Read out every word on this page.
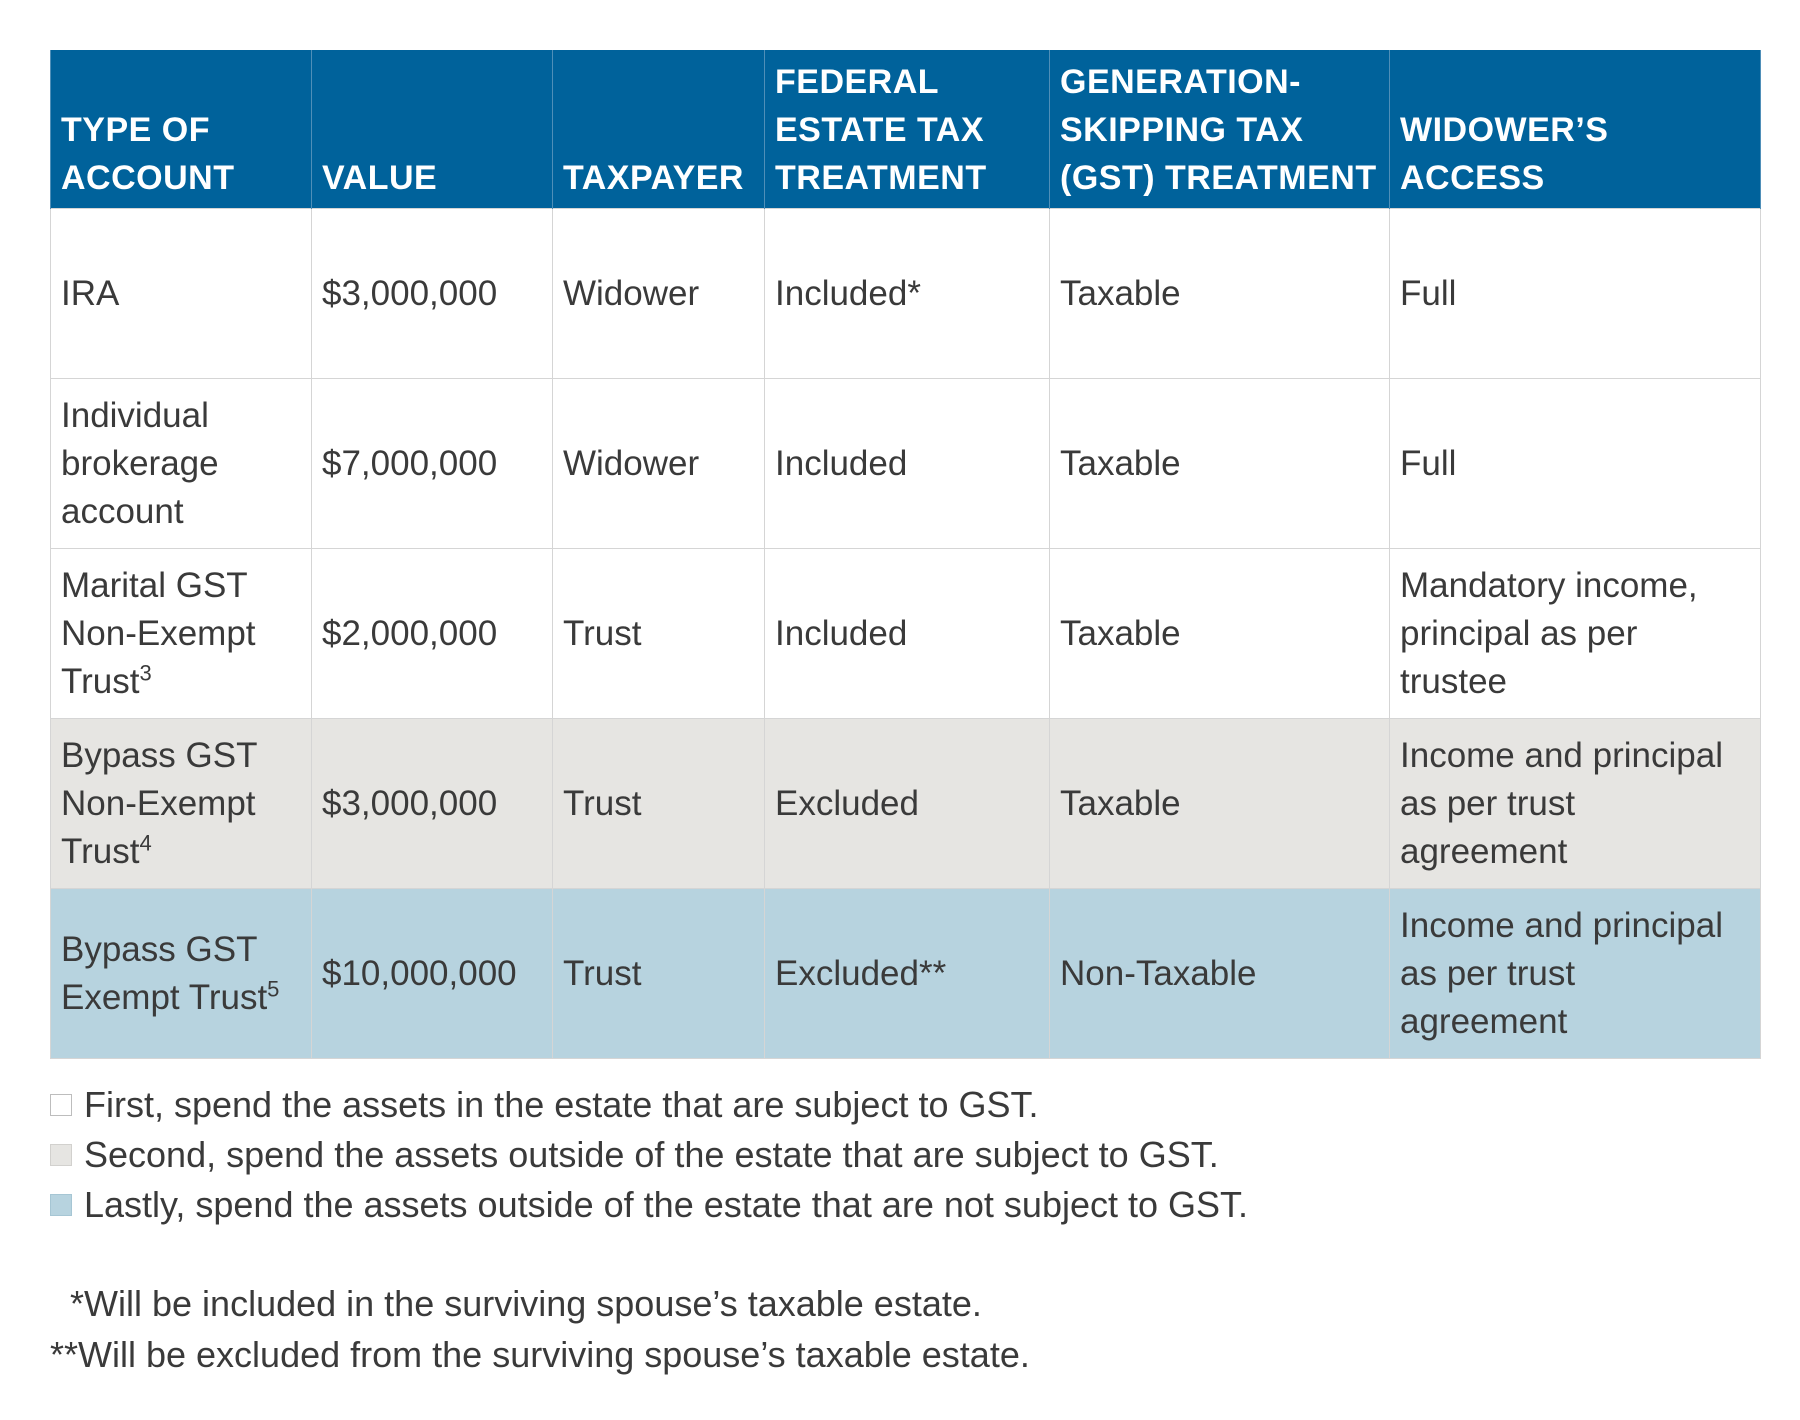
TYPE OF ACCOUNT	VALUE	TAXPAYER	FEDERAL ESTATE TAX TREATMENT	GENERATION-SKIPPING TAX (GST) TREATMENT	WIDOWER’S ACCESS
IRA	$3,000,000	Widower	Included*	Taxable	Full
Individual brokerage account	$7,000,000	Widower	Included	Taxable	Full
Marital GST Non-Exempt Trust$^3$	$2,000,000	Trust	Included	Taxable	Mandatory income, principal as per trustee
Bypass GST Non-Exempt Trust$^4$	$3,000,000	Trust	Excluded	Taxable	Income and principal as per trust agreement
Bypass GST Exempt Trust$^5$	$10,000,000	Trust	Excluded**	Non-Taxable	Income and principal as per trust agreement
First, spend the assets in the estate that are subject to GST.
Second, spend the assets outside of the estate that are subject to GST.
Lastly, spend the assets outside of the estate that are not subject to GST.
*Will be included in the surviving spouse’s taxable estate.
**Will be excluded from the surviving spouse’s taxable estate.
